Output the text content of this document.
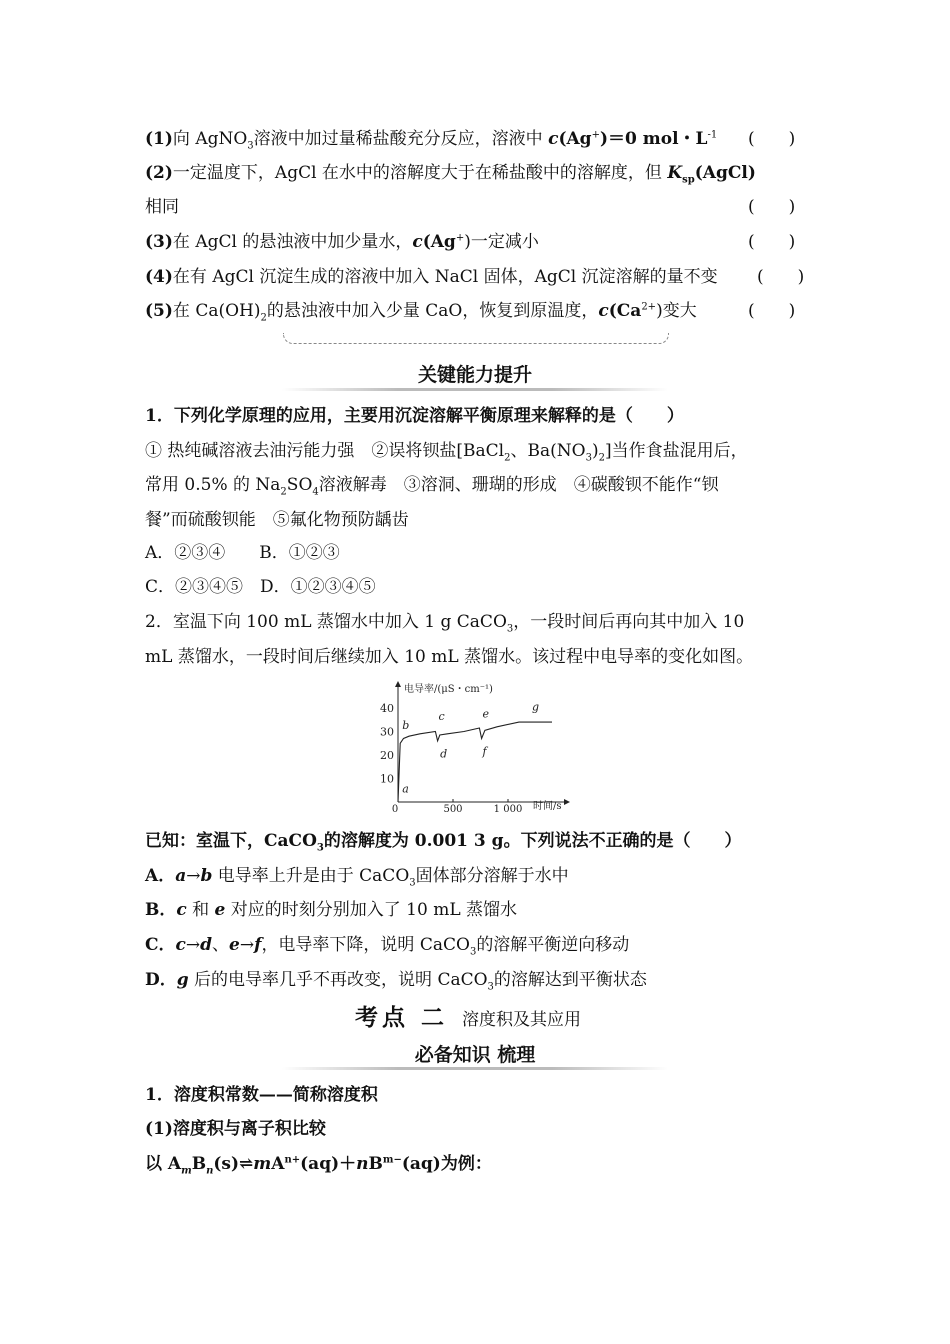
(1)向 AgNO$_3$溶液中加过量稀盐酸充分反应，溶液中 c(Ag+)＝0 mol・$L^{-1}$ (　　)
(2)一定温度下，AgCl 在水中的溶解度大于在稀盐酸中的溶解度，但 $K_{sp}(AgCl)$
相同	(　　)
(3)在 AgCl 的悬浊液中加少量水，c(Ag+)一定减小	(　　)
(4)在有 AgCl 沉淀生成的溶液中加入 NaCl 固体，AgCl 沉淀溶解的量不变 (　　)
(5)在 $Ca(OH)_2$的悬浊液中加入少量 CaO，恢复到原温度，$c(Ca^{2+})$变大	(　　)
关键能力提升
1．下列化学原理的应用，主要用沉淀溶解平衡原理来解释的是（　　）
① 热纯碱溶液去油污能力强　②误将钡盐[BaCl$_2$、$Ba(NO_3)_2$]当作食盐混用后，
常用 0.5% 的 $Na_2SO_4$溶液解毒　③溶洞、珊瑚的形成　④碳酸钡不能作“钡
餐”而硫酸钡能　⑤氟化物预防龋齿
A．②③④　　B．①②③
C．②③④⑤　D．①②③④⑤
2．室温下向 100 mL 蒸馏水中加入 1 g CaCO$_3$，一段时间后再向其中加入 10
mL 蒸馏水，一段时间后继续加入 10 mL 蒸馏水。该过程中电导率的变化如图。
电导率/(μS・cm⁻¹)
时间/s
0
10
20
30
40
500	1 000
a
b
c
d
e
f
g
已知：室温下，CaCO$_3$的溶解度为 0.001 3 g。下列说法不正确的是（　　）
A．a→b 电导率上升是由于 CaCO$_3$固体部分溶解于水中
B．c 和 e 对应的时刻分别加入了 10 mL 蒸馏水
C．c→d、e→f，电导率下降，说明 CaCO$_3$的溶解平衡逆向移动
D．g 后的电导率几乎不再改变，说明 CaCO$_3$的溶解达到平衡状态
考点 二 溶度积及其应用
必备知识 梳理
1．溶度积常数——简称溶度积
(1)溶度积与离子积比较
以 $A_mB_n(s)\rightleftharpoons mA^{n+}(aq)+nB^{m-}(aq)$为例：
